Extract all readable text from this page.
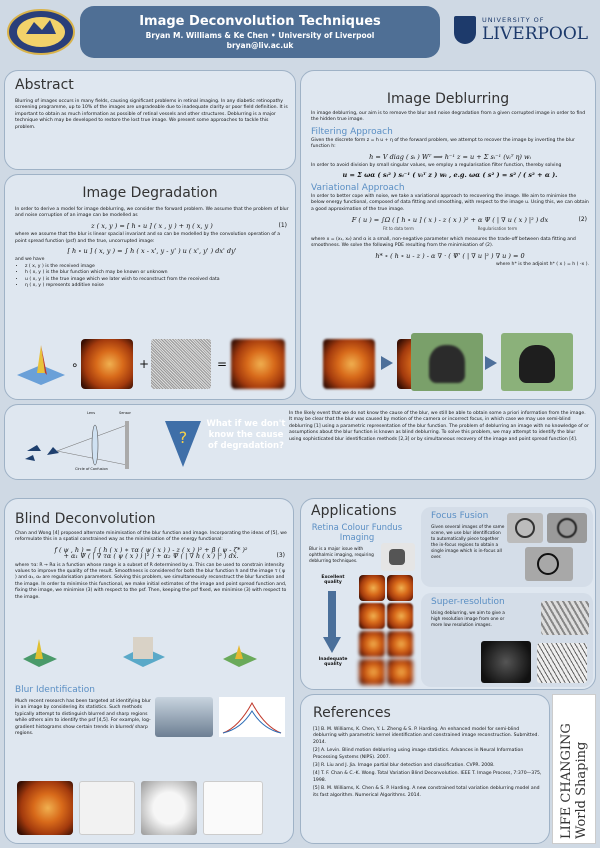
Image Deconvolution Techniques
Bryan M. Williams & Ke Chen • University of Liverpool
bryan@liv.ac.uk
UNIVERSITY OF
LIVERPOOL
Abstract
Blurring of images occurs in many fields, causing significant problems in retinal imaging. In any diabetic retinopathy screening programme, up to 10% of the images are ungradeable due to inadequate clarity or poor field definition. It is important to obtain as much information as possible of retinal vessels and other structures. Deblurring is a major technique which may be developed to restore the lost true image. We present some approaches to tackle this problem.
Image Deblurring
In image deblurring, our aim is to remove the blur and noise degradation from a given corrupted image in order to find the hidden true image.
Filtering Approach
Given the discrete form z = h u + η of the forward problem, we attempt to recover the image by inverting the blur function h:
h = V diag ( sᵢ ) Wᵀ ⟹ h⁻¹ z = u + Σ sᵢ⁻¹ (vᵢᵀ η) wᵢ
In order to avoid division by small singular values, we employ a regularisation filter function, thereby solving
u = Σ ωα ( sᵢ² ) sᵢ⁻¹ ( vᵢᵀ z ) wᵢ , e.g. ωα ( s² ) = s² / ( s² + α ).
Variational Approach
In order to better cope with noise, we take a variational approach to recovering the image. We aim to minimise the below energy functional, composed of data fitting and smoothing, with respect to the image u. Using this, we can obtain a good approximation of the true image.
F ( u ) = ∫Ω ( [ h ∘ u ] ( x ) - z ( x ) )² + α Ψ ( | ∇ u ( x ) |² ) dx	(2)
Fit to data term	Regularisation term
where x = (x₁, x₂) and α is a small, non-negative parameter which measures the trade-off between data fitting and smoothness. We solve the following PDE resulting from the minimisation of (2).
h* ∘ ( h ∘ u - z ) - α ∇ · ( Ψ' ( | ∇ u |² ) ∇ u ) = 0
where h* is the adjoint h* ( x ) = h ( -x ).
Image Degradation
In order to derive a model for image deblurring, we consider the forward problem. We assume that the problem of blur and noise corruption of an image can be modelled as
z ( x, y ) = [ h ∘ u ] ( x , y ) + η ( x, y )	(1)
where we assume that the blur is linear spacial invariant and so can be modelled by the convolution operation of a point spread function (psf) and the true, uncorrupted image:
[ h ∘ u ] ( x, y ) = ∫ h ( x - x', y - y' ) u ( x', y' ) dx' dy'
and we have
• z ( x, y ) is the received image
• h ( x, y ) is the blur function which may be known or unknown
• u ( x, y ) is the true image which we later wish to reconstruct from the received data
• η ( x, y ) represents additive noise
∘	+	=
Lens	Sensor
Circle of Confusion
?
What if we don't know the cause of degradation?
In the likely event that we do not know the cause of the blur, we still be able to obtain some a priori information from the image. It may be clear that the blur was caused by motion of the camera or incorrect focus, in which case we may use semi-blind deblurring [1] using a parametric representation of the blur function. The problem of deblurring an image with no knowledge of or assumptions about the blur function is known as blind deblurring. To solve this problem, we may attempt to identify the blur using sophisticated blur identification methods [2,3] or by simultaneous recovery of the image and point spread function [4].
Blind Deconvolution
Chan and Wong [4] proposed alternate minimisation of the blur function and image. Incorporating the ideas of [5], we reformulate this in a spatial constrained way as the minimisation of the energy functional:
f ( ψ , h ) = ∫ ( h ( x ) ∗ τα ( ψ ( x ) ) - z ( x ) )² + β ( ψ - ζ* )²
+ α₁ Ψ ( | ∇ τα ( ψ ( x ) ) |² ) + α₂ Ψ ( | ∇ h ( x ) |² ) dx.	(3)
where τα: R → Rα is a function whose range is a subset of R determined by α. This can be used to constrain intensity values to improve the quality of the result. Smoothness is considered for both the blur function h and the image τ ( ψ ) and α₁, α₂ are regularisation parameters. Solving this problem, we simultaneously reconstruct the blur function and the image. In order to minimise this functional, we make initial estimates of the image and point spread function and, fixing the image, we minimise (3) with respect to the psf. Then, keeping the psf fixed, we minimise (3) with respect to the image.
Blur Identification
Much recent research has been targeted at identifying blur in an image by considering its statistics. Such methods typically attempt to distinguish blurred and sharp regions while others aim to identify the psf [4,5]. For example, log-gradient histograms show certain trends in blurred/ sharp regions.
Applications
Retina Colour Fundus Imaging
Blur is a major issue with ophthalmic imaging, requiring deblurring techniques.
Excellent quality
Inadequate quality
Focus Fusion
Given several images of the same scene, we use blur identification to automatically piece together the in-focus regions to obtain a single image which is in-focus all over.
Super-resolution
Using deblurring, we aim to give a high resolution image from one or more low resolution images.
References
[1] B. M. Williams, K. Chen, Y. L. Zheng & S. P. Harding. An enhanced model for semi-blind deblurring with parametric kernel identification and constrained image reconstruction. Submitted. 2014.
[2] A. Levin. Blind motion deblurring using image statistics. Advances in Neural Information Processing Systems (NIPS). 2007.
[3] R. Liu and J. Jia. Image partial blur detection and classification. CVPR. 2008.
[4] T. F. Chan & C.-K. Wong. Total Variation Blind Deconvolution. IEEE T. Image Process, 7:370—375, 1998.
[5] B. M. Williams, K. Chen & S. P. Harding. A new constrained total variation deblurring model and its fast algorithm. Numerical Algorithms. 2014.	LIFE CHANGING World Shaping
